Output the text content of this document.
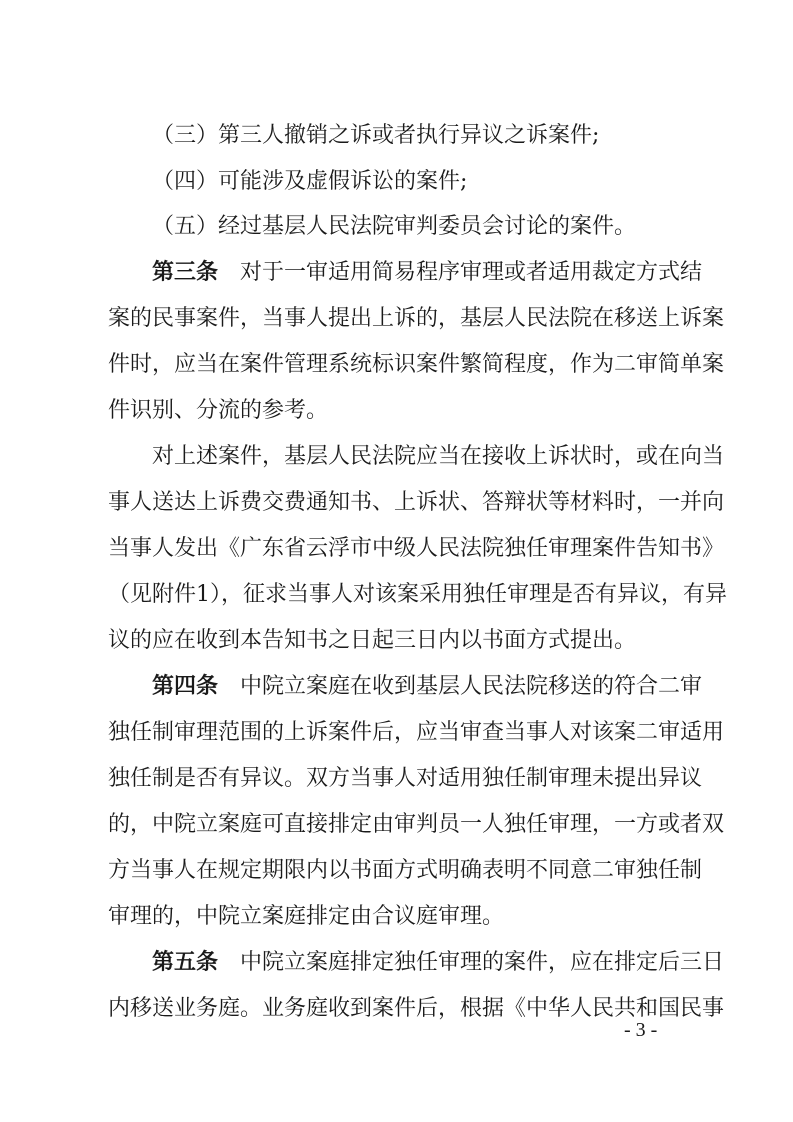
（三）第三人撤销之诉或者执行异议之诉案件;
（四）可能涉及虚假诉讼的案件;
（五）经过基层人民法院审判委员会讨论的案件。
第三条　对于一审适用简易程序审理或者适用裁定方式结
案的民事案件，当事人提出上诉的，基层人民法院在移送上诉案
件时，应当在案件管理系统标识案件繁简程度，作为二审简单案
件识别、分流的参考。
对上述案件，基层人民法院应当在接收上诉状时，或在向当
事人送达上诉费交费通知书、上诉状、答辩状等材料时，一并向
当事人发出《广东省云浮市中级人民法院独任审理案件告知书》
（见附件1），征求当事人对该案采用独任审理是否有异议，有异
议的应在收到本告知书之日起三日内以书面方式提出。
第四条　中院立案庭在收到基层人民法院移送的符合二审
独任制审理范围的上诉案件后，应当审查当事人对该案二审适用
独任制是否有异议。双方当事人对适用独任制审理未提出异议
的，中院立案庭可直接排定由审判员一人独任审理，一方或者双
方当事人在规定期限内以书面方式明确表明不同意二审独任制
审理的，中院立案庭排定由合议庭审理。
第五条　中院立案庭排定独任审理的案件，应在排定后三日
内移送业务庭。业务庭收到案件后，根据《中华人民共和国民事
- 3 -
